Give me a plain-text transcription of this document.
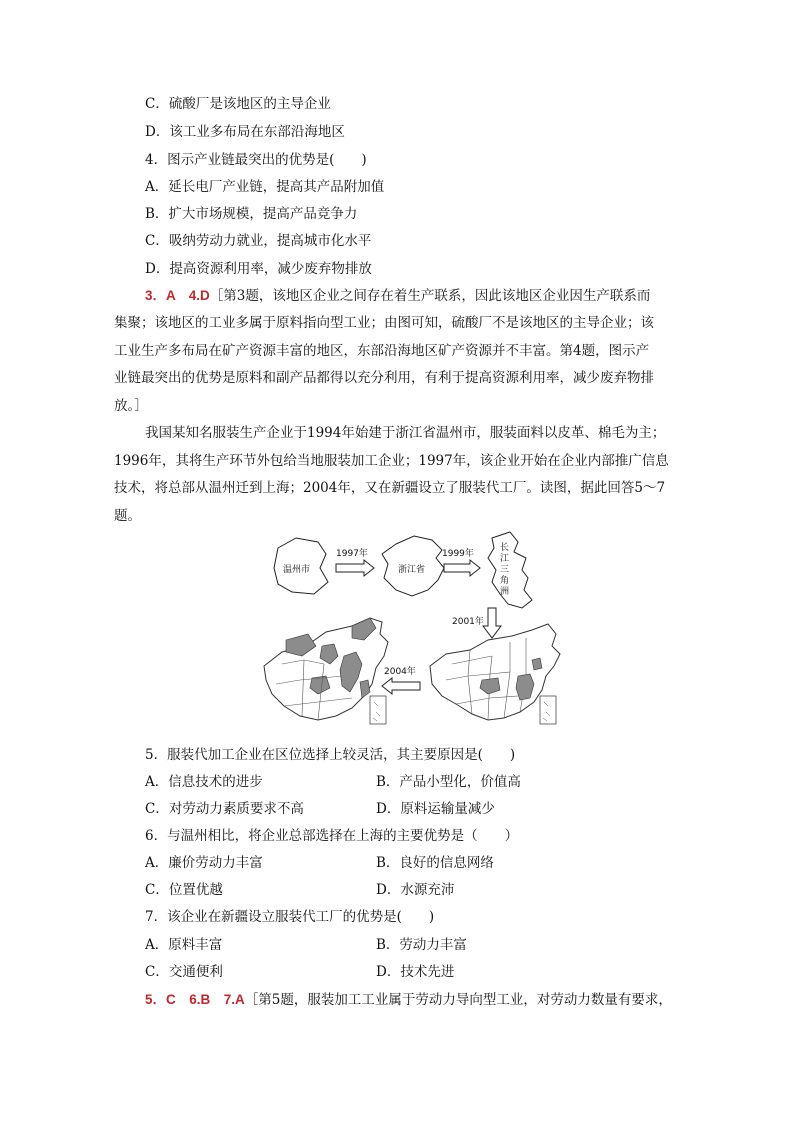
C．硫酸厂是该地区的主导企业
D．该工业多布局在东部沿海地区
4．图示产业链最突出的优势是(　　)
A．延长电厂产业链，提高其产品附加值
B．扩大市场规模，提高产品竞争力
C．吸纳劳动力就业，提高城市化水平
D．提高资源利用率，减少废弃物排放
3．A　4.D［第3题，该地区企业之间存在着生产联系，因此该地区企业因生产联系而
集聚；该地区的工业多属于原料指向型工业；由图可知，硫酸厂不是该地区的主导企业；该
工业生产多布局在矿产资源丰富的地区，东部沿海地区矿产资源并不丰富。第4题，图示产
业链最突出的优势是原料和副产品都得以充分利用，有利于提高资源利用率，减少废弃物排
放。］
我国某知名服装生产企业于1994年始建于浙江省温州市，服装面料以皮革、棉毛为主；
1996年，其将生产环节外包给当地服装加工企业；1997年，该企业开始在企业内部推广信息
技术，将总部从温州迁到上海；2004年，又在新疆设立了服装代工厂。读图，据此回答5～7
题。
温州市
1997年
浙江省
1999年
长
江
三
角
洲
2001年
2004年
5．服装代加工企业在区位选择上较灵活，其主要原因是(　　)
A．信息技术的进步	B．产品小型化，价值高
C．对劳动力素质要求不高	D．原料运输量减少
6．与温州相比，将企业总部选择在上海的主要优势是（　　）
A．廉价劳动力丰富	B．良好的信息网络
C．位置优越	D．水源充沛
7．该企业在新疆设立服装代工厂的优势是(　　)
A．原料丰富	B．劳动力丰富
C．交通便利	D．技术先进
5．C　6.B　7.A［第5题，服装加工工业属于劳动力导向型工业，对劳动力数量有要求，
